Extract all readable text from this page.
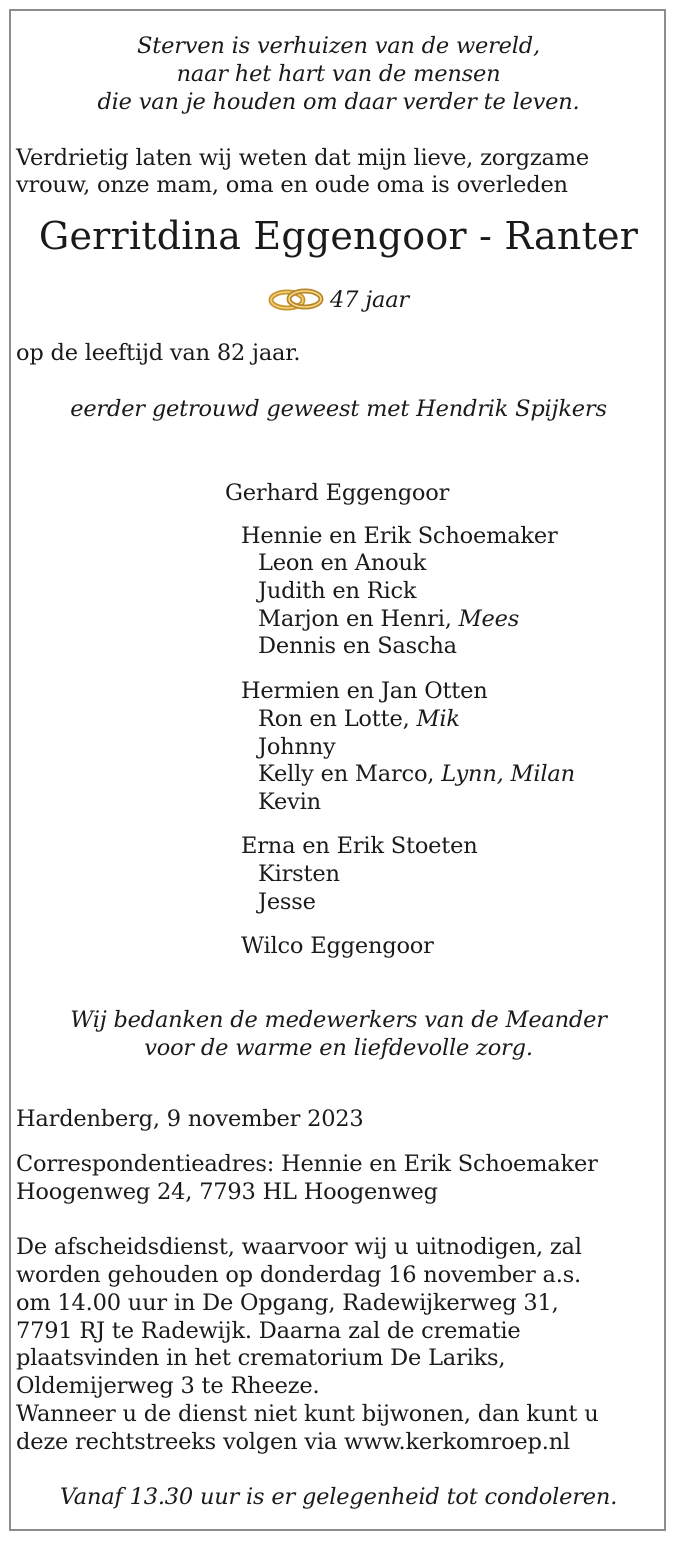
Sterven is verhuizen van de wereld,
naar het hart van de mensen
die van je houden om daar verder te leven.
Verdrietig laten wij weten dat mijn lieve, zorgzame
vrouw, onze mam, oma en oude oma is overleden
Gerritdina Eggengoor - Ranter
47 jaar
op de leeftijd van 82 jaar.
eerder getrouwd geweest met Hendrik Spijkers
Gerhard Eggengoor
Hennie en Erik Schoemaker
Leon en Anouk
Judith en Rick
Marjon en Henri, Mees
Dennis en Sascha
Hermien en Jan Otten
Ron en Lotte, Mik
Johnny
Kelly en Marco, Lynn, Milan
Kevin
Erna en Erik Stoeten
Kirsten
Jesse
Wilco Eggengoor
Wij bedanken de medewerkers van de Meander
voor de warme en liefdevolle zorg.
Hardenberg, 9 november 2023
Correspondentieadres: Hennie en Erik Schoemaker
Hoogenweg 24, 7793 HL Hoogenweg
De afscheidsdienst, waarvoor wij u uitnodigen, zal
worden gehouden op donderdag 16 november a.s.
om 14.00 uur in De Opgang, Radewijkerweg 31,
7791 RJ te Radewijk. Daarna zal de crematie
plaatsvinden in het crematorium De Lariks,
Oldemijerweg 3 te Rheeze.
Wanneer u de dienst niet kunt bijwonen, dan kunt u
deze rechtstreeks volgen via www.kerkomroep.nl
Vanaf 13.30 uur is er gelegenheid tot condoleren.
